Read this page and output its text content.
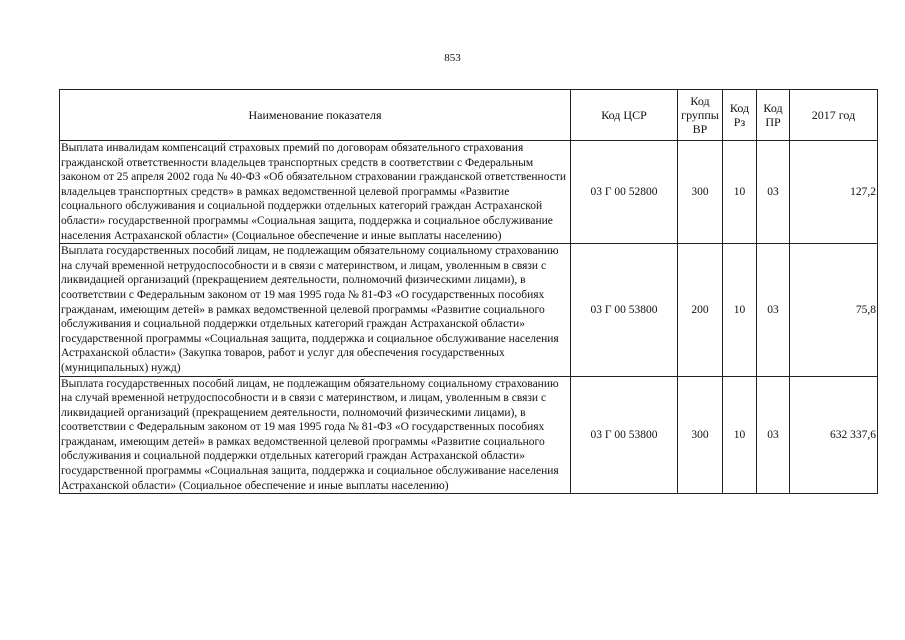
853
Наименование показателя	Код ЦСР	Код группы ВР	Код Рз	Код ПР	2017 год
Выплата инвалидам компенсаций страховых премий по договорам обязательного страхования гражданской ответственности владельцев транспортных средств в соответствии с Федеральным законом от 25 апреля 2002 года № 40-ФЗ «Об обязательном страховании гражданской ответственности владельцев транспортных средств» в рамках ведомственной целевой программы «Развитие социального обслуживания и социальной поддержки отдельных категорий граждан Астраханской области» государственной программы «Социальная защита, поддержка и социальное обслуживание населения Астраханской области» (Социальное обеспечение и иные выплаты населению)	03 Г 00 52800	300	10	03	127,2
Выплата государственных пособий лицам, не подлежащим обязательному социальному страхованию на случай временной нетрудоспособности и в связи с материнством, и лицам, уволенным в связи с ликвидацией организаций (прекращением деятельности, полномочий физическими лицами), в соответствии с Федеральным законом от 19 мая 1995 года № 81-ФЗ «О государственных пособиях гражданам, имеющим детей» в рамках ведомственной целевой программы «Развитие социального обслуживания и социальной поддержки отдельных категорий граждан Астраханской области» государственной программы «Социальная защита, поддержка и социальное обслуживание населения Астраханской области» (Закупка товаров, работ и услуг для обеспечения государственных (муниципальных) нужд)	03 Г 00 53800	200	10	03	75,8
Выплата государственных пособий лицам, не подлежащим обязательному социальному страхованию на случай временной нетрудоспособности и в связи с материнством, и лицам, уволенным в связи с ликвидацией организаций (прекращением деятельности, полномочий физическими лицами), в соответствии с Федеральным законом от 19 мая 1995 года № 81-ФЗ «О государственных пособиях гражданам, имеющим детей» в рамках ведомственной целевой программы «Развитие социального обслуживания и социальной поддержки отдельных категорий граждан Астраханской области» государственной программы «Социальная защита, поддержка и социальное обслуживание населения Астраханской области» (Социальное обеспечение и иные выплаты населению)	03 Г 00 53800	300	10	03	632 337,6
